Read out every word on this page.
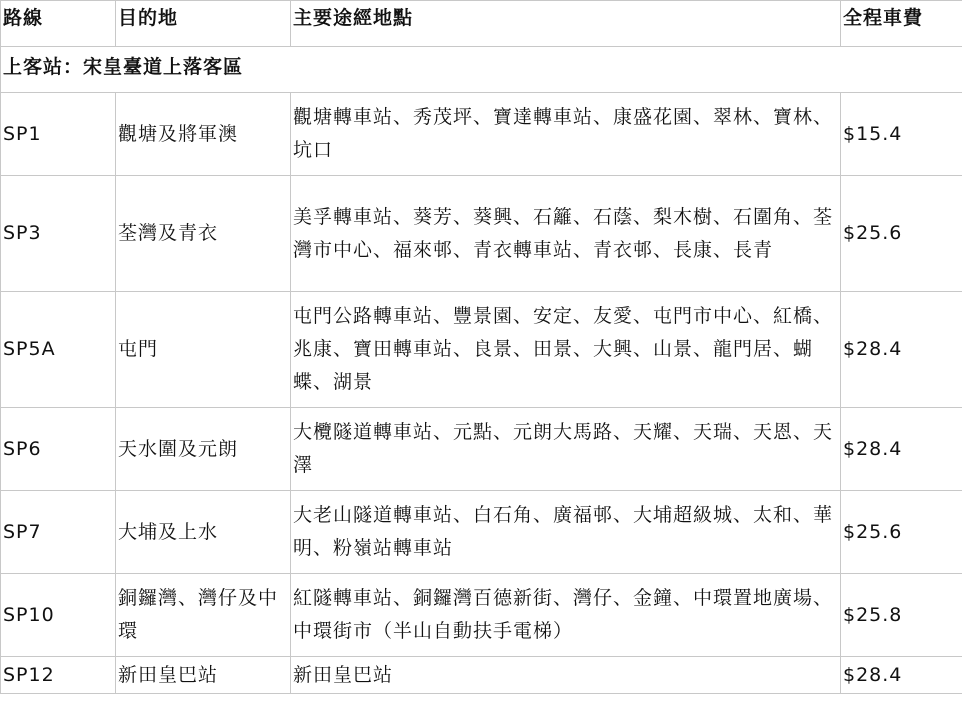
路線	目的地	主要途經地點	全程車費
上客站：宋皇臺道上落客區			
SP1	觀塘及將軍澳	觀塘轉車站、秀茂坪、寶達轉車站、康盛花園、翠林、寶林、坑口	$15.4
SP3	荃灣及青衣	美孚轉車站、葵芳、葵興、石籬、石蔭、梨木樹、石圍角、荃灣市中心、福來邨、青衣轉車站、青衣邨、長康、長青	$25.6
SP5A	屯門	屯門公路轉車站、豐景園、安定、友愛、屯門市中心、紅橋、兆康、寶田轉車站、良景、田景、大興、山景、龍門居、蝴蝶、湖景	$28.4
SP6	天水圍及元朗	大欖隧道轉車站、元點、元朗大馬路、天耀、天瑞、天恩、天澤	$28.4
SP7	大埔及上水	大老山隧道轉車站、白石角、廣福邨、大埔超級城、太和、華明、粉嶺站轉車站	$25.6
SP10	銅鑼灣、灣仔及中環	紅隧轉車站、銅鑼灣百德新街、灣仔、金鐘、中環置地廣場、中環街市（半山自動扶手電梯）	$25.8
SP12	新田皇巴站	新田皇巴站	$28.4
